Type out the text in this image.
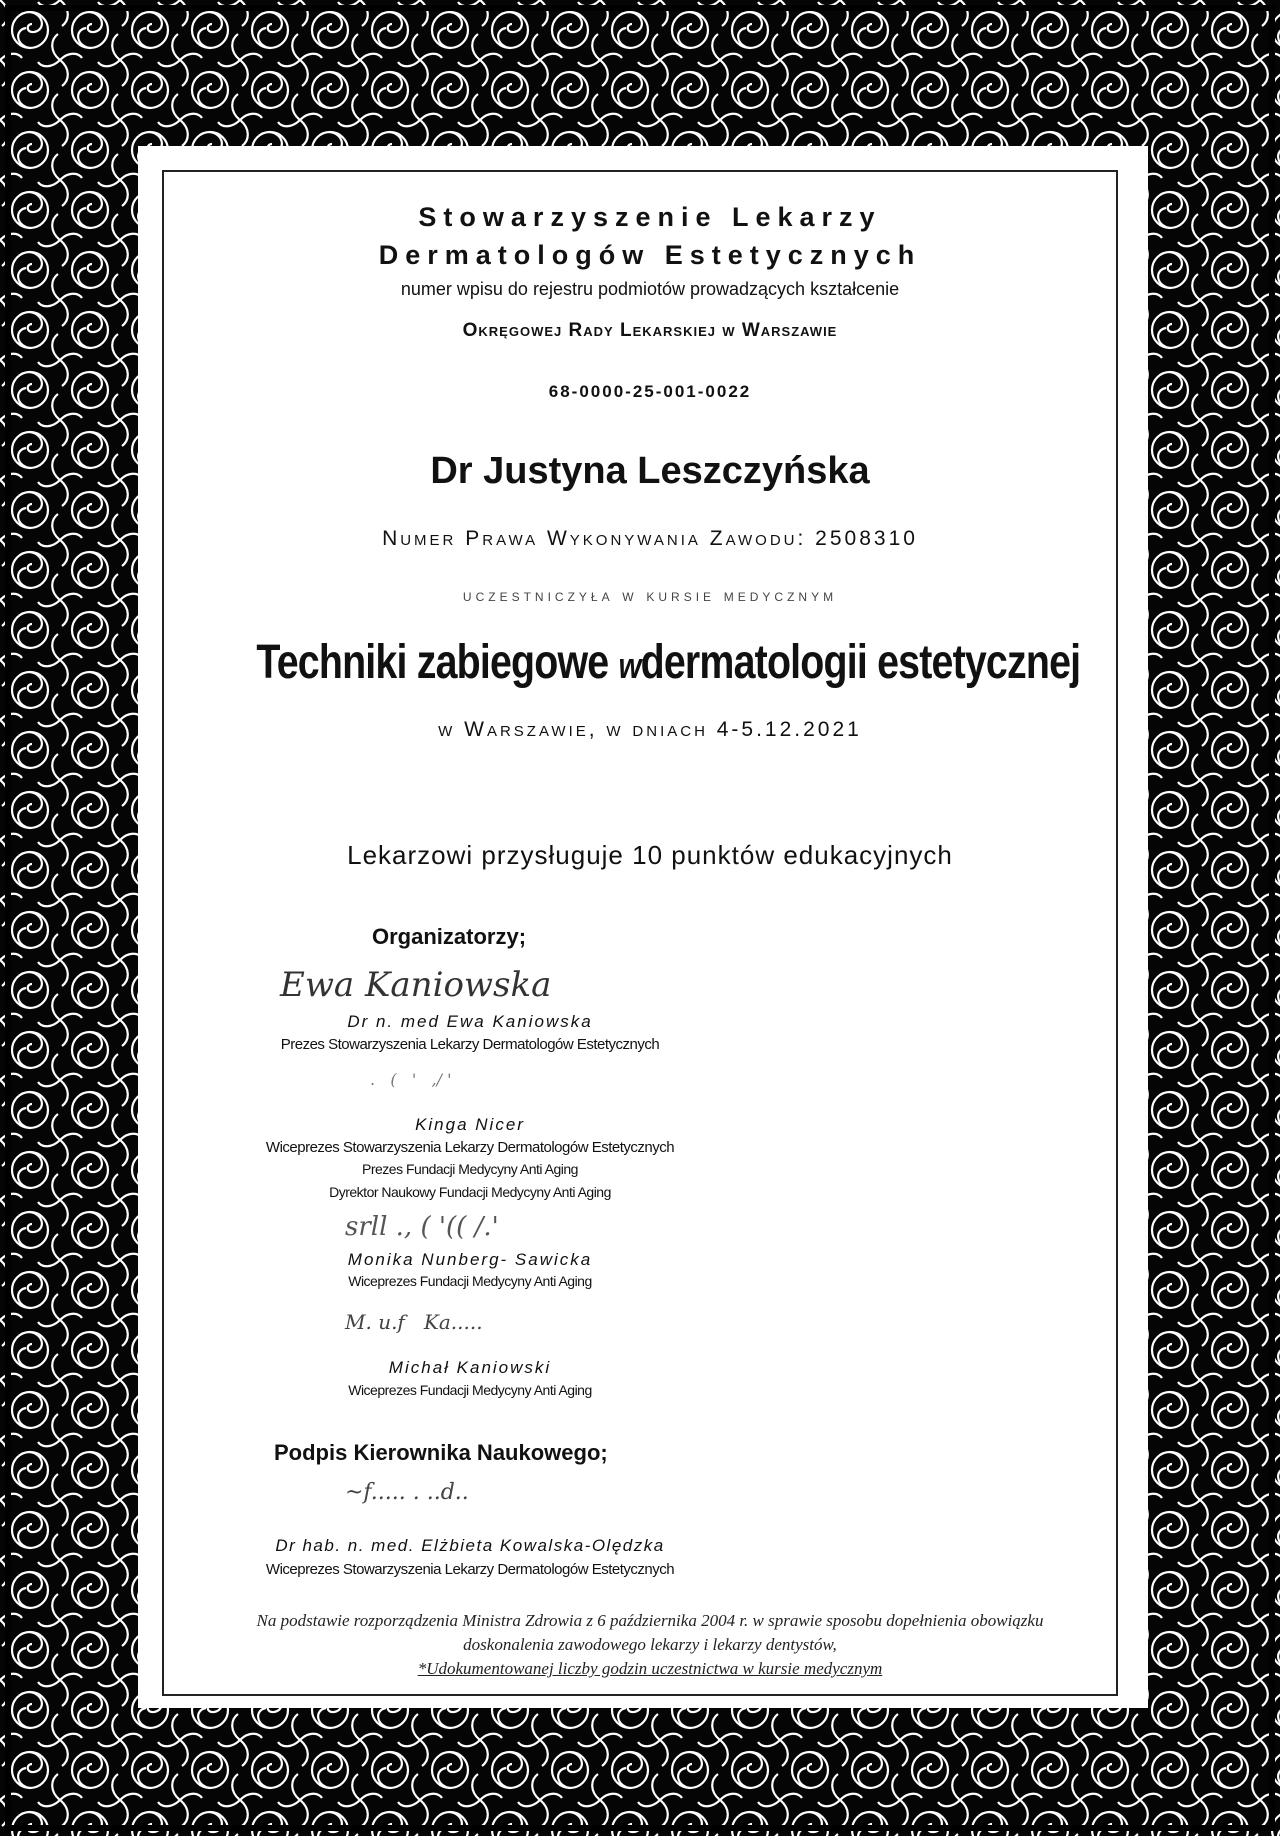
Stowarzyszenie Lekarzy
Dermatologów Estetycznych
numer wpisu do rejestru podmiotów prowadzących kształcenie
Okręgowej Rady Lekarskiej w Warszawie
68-0000-25-001-0022
Dr Justyna Leszczyńska
Numer Prawa Wykonywania Zawodu: 2508310
uczestniczyła w kursie medycznym
Techniki zabiegowe wdermatologii estetycznej
w Warszawie, w dniach 4-5.12.2021
Lekarzowi przysługuje 10 punktów edukacyjnych
Organizatorzy;
Ewa Kaniowska
Dr n. med Ewa Kaniowska
Prezes Stowarzyszenia Lekarzy Dermatologów Estetycznych
.   (   '   ,/ '
Kinga Nicer
Wiceprezes Stowarzyszenia Lekarzy Dermatologów Estetycznych
Prezes Fundacji Medycyny Anti Aging
Dyrektor Naukowy Fundacji Medycyny Anti Aging
srll ., ( '(( /.'
Monika Nunberg- Sawicka
Wiceprezes Fundacji Medycyny Anti Aging
M. u.f   Ka.....
Michał Kaniowski
Wiceprezes Fundacji Medycyny Anti Aging
Podpis Kierownika Naukowego;
~f..... . ..d..
Dr hab. n. med. Elżbieta Kowalska-Olędzka
Wiceprezes Stowarzyszenia Lekarzy Dermatologów Estetycznych
Na podstawie rozporządzenia Ministra Zdrowia z 6 października 2004 r. w sprawie sposobu dopełnienia obowiązku
doskonalenia zawodowego lekarzy i lekarzy dentystów,
*Udokumentowanej liczby godzin uczestnictwa w kursie medycznym
